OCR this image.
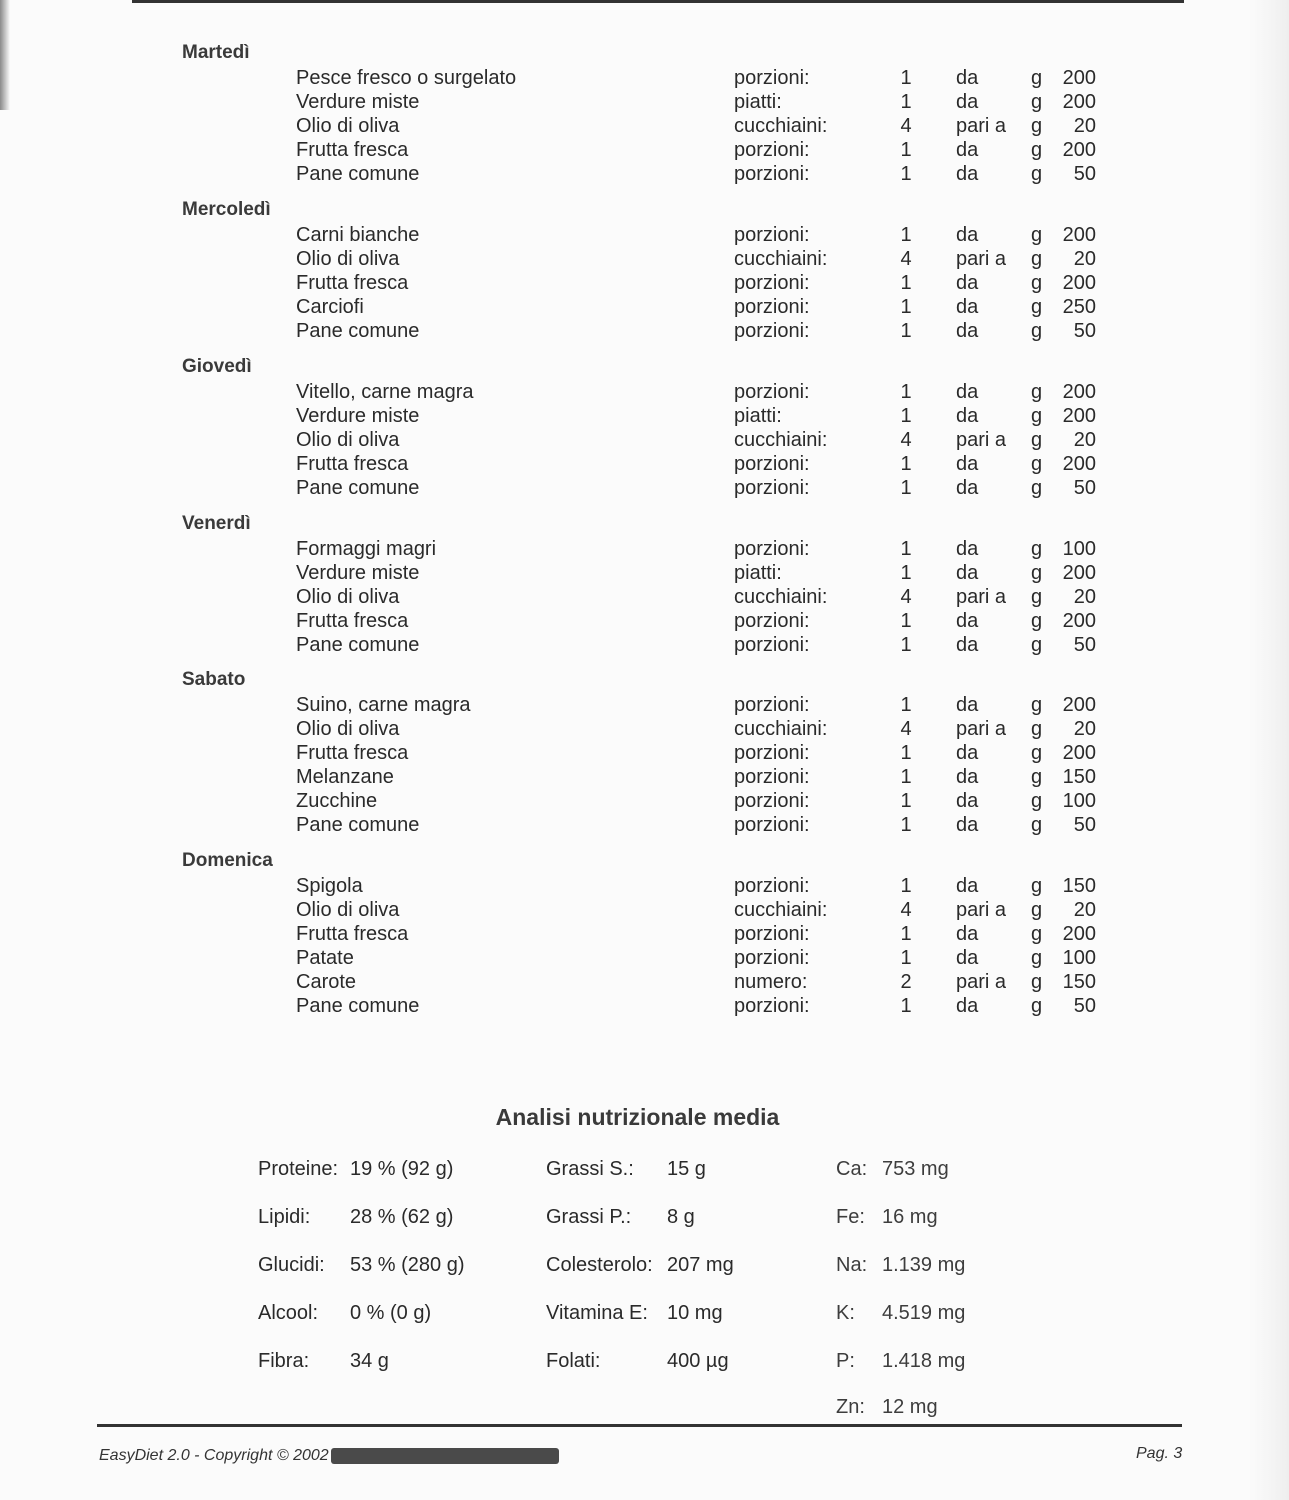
Martedì
Pesce fresco o surgelato	porzioni:	1	da	g	200
Verdure miste	piatti:	1	da	g	200
Olio di oliva	cucchiaini:	4	pari a g	20
Frutta fresca	porzioni:	1	da	g	200
Pane comune	porzioni:	1	da	g	50
Mercoledì
Carni bianche	porzioni:	1	da	g	200
Olio di oliva	cucchiaini:	4	pari a g	20
Frutta fresca	porzioni:	1	da	g	200
Carciofi	porzioni:	1	da	g	250
Pane comune	porzioni:	1	da	g	50
Giovedì
Vitello, carne magra	porzioni:	1	da	g	200
Verdure miste	piatti:	1	da	g	200
Olio di oliva	cucchiaini:	4	pari a g	20
Frutta fresca	porzioni:	1	da	g	200
Pane comune	porzioni:	1	da	g	50
Venerdì
Formaggi magri	porzioni:	1	da	g	100
Verdure miste	piatti:	1	da	g	200
Olio di oliva	cucchiaini:	4	pari a g	20
Frutta fresca	porzioni:	1	da	g	200
Pane comune	porzioni:	1	da	g	50
Sabato
Suino, carne magra	porzioni:	1	da	g	200
Olio di oliva	cucchiaini:	4	pari a g	20
Frutta fresca	porzioni:	1	da	g	200
Melanzane	porzioni:	1	da	g	150
Zucchine	porzioni:	1	da	g	100
Pane comune	porzioni:	1	da	g	50
Domenica
Spigola	porzioni:	1	da	g	150
Olio di oliva	cucchiaini:	4	pari a g	20
Frutta fresca	porzioni:	1	da	g	200
Patate	porzioni:	1	da	g	100
Carote	numero:	2	pari a g	150
Pane comune	porzioni:	1	da	g	50
Analisi nutrizionale media
Proteine: 19 % (92 g)	Grassi S.: 15 g	Ca: 753 mg
Lipidi: 28 % (62 g)	Grassi P.: 8 g	Fe: 16 mg
Glucidi: 53 % (280 g)	Colesterolo: 207 mg	Na: 1.139 mg
Alcool: 0 % (0 g)	Vitamina E: 10 mg	K: 4.519 mg
Fibra: 34 g	Folati:	400 µg	P: 1.418 mg
Zn: 12 mg
EasyDiet 2.0 - Copyright © 2002	Pag. 3
